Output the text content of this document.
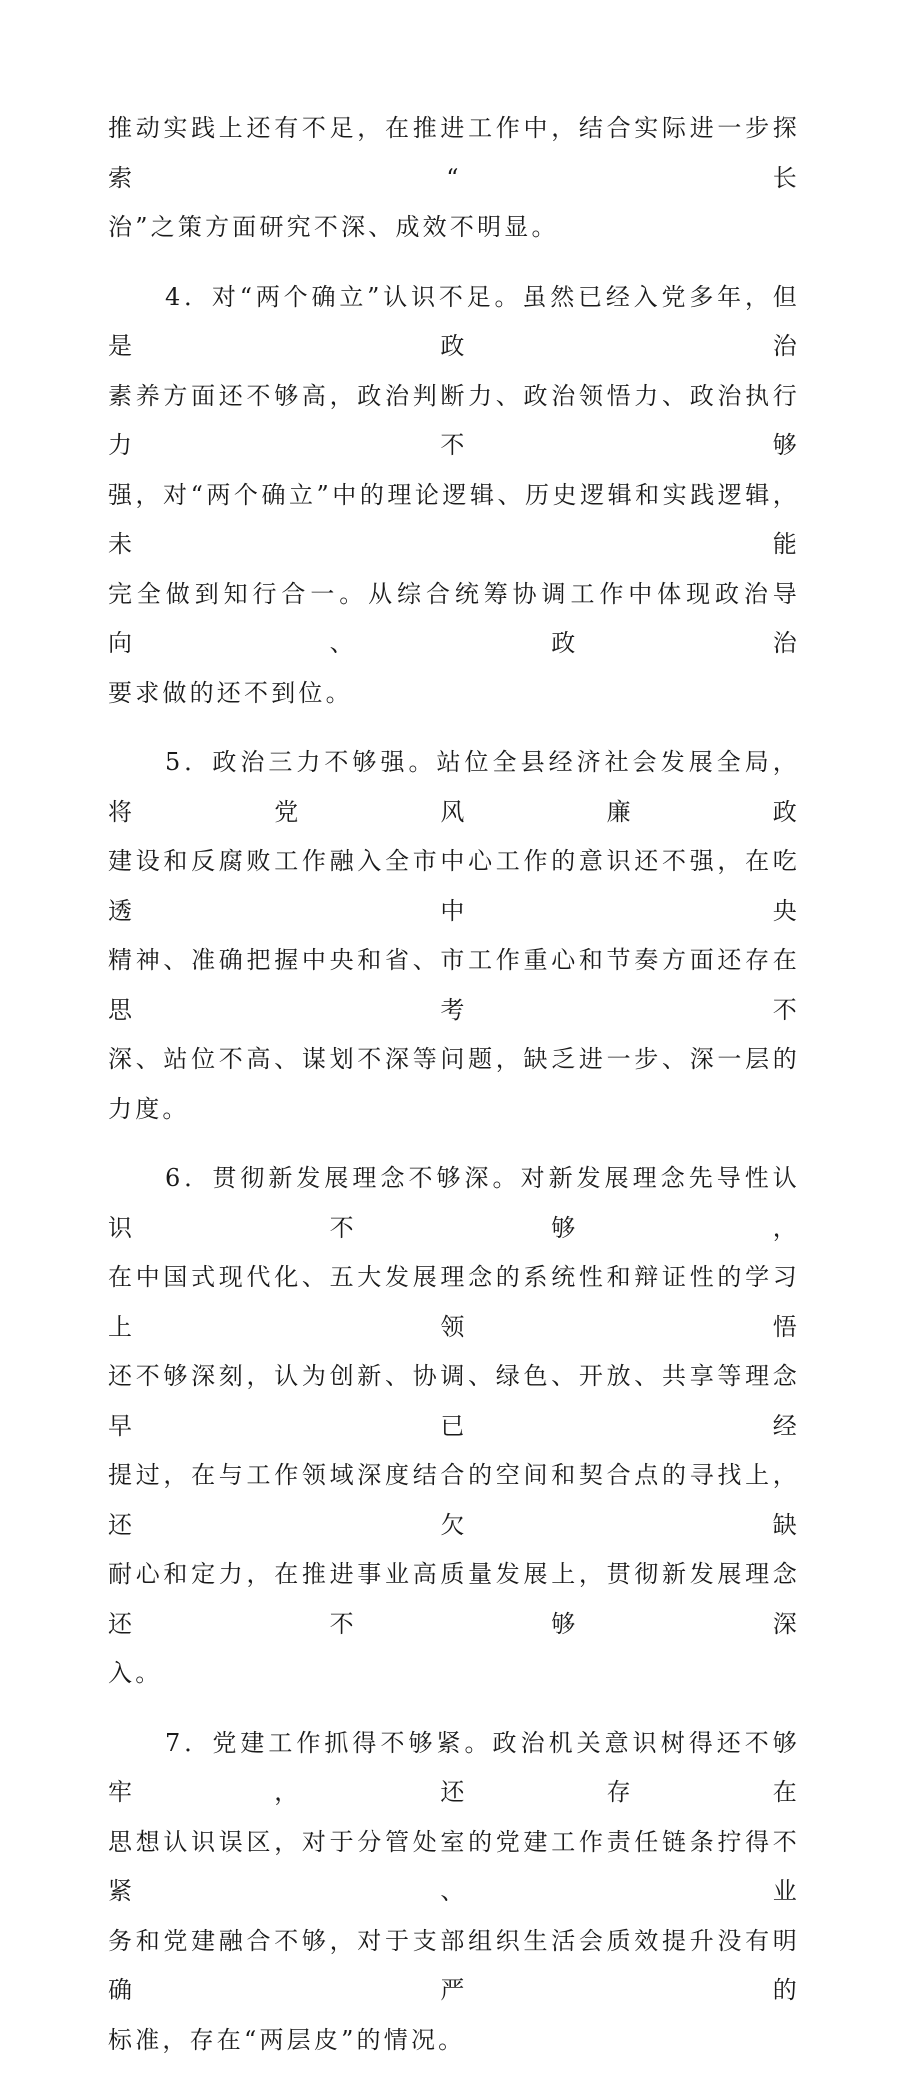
推动实践上还有不足，在推进工作中，结合实际进一步探索“长
治”之策方面研究不深、成效不明显。

4．对“两个确立”认识不足。虽然已经入党多年，但是政治
素养方面还不够高，政治判断力、政治领悟力、政治执行力不够
强，对“两个确立”中的理论逻辑、历史逻辑和实践逻辑，未能
完全做到知行合一。从综合统筹协调工作中体现政治导向、政治
要求做的还不到位。

5．政治三力不够强。站位全县经济社会发展全局，将党风廉政
建设和反腐败工作融入全市中心工作的意识还不强，在吃透中央
精神、准确把握中央和省、市工作重心和节奏方面还存在思考不
深、站位不高、谋划不深等问题，缺乏进一步、深一层的力度。

6．贯彻新发展理念不够深。对新发展理念先导性认识不够，
在中国式现代化、五大发展理念的系统性和辩证性的学习上领悟
还不够深刻，认为创新、协调、绿色、开放、共享等理念早已经
提过，在与工作领域深度结合的空间和契合点的寻找上，还欠缺
耐心和定力，在推进事业高质量发展上，贯彻新发展理念还不够深
入。

7．党建工作抓得不够紧。政治机关意识树得还不够牢，还存在
思想认识误区，对于分管处室的党建工作责任链条拧得不紧、业
务和党建融合不够，对于支部组织生活会质效提升没有明确严的
标准，存在“两层皮”的情况。
